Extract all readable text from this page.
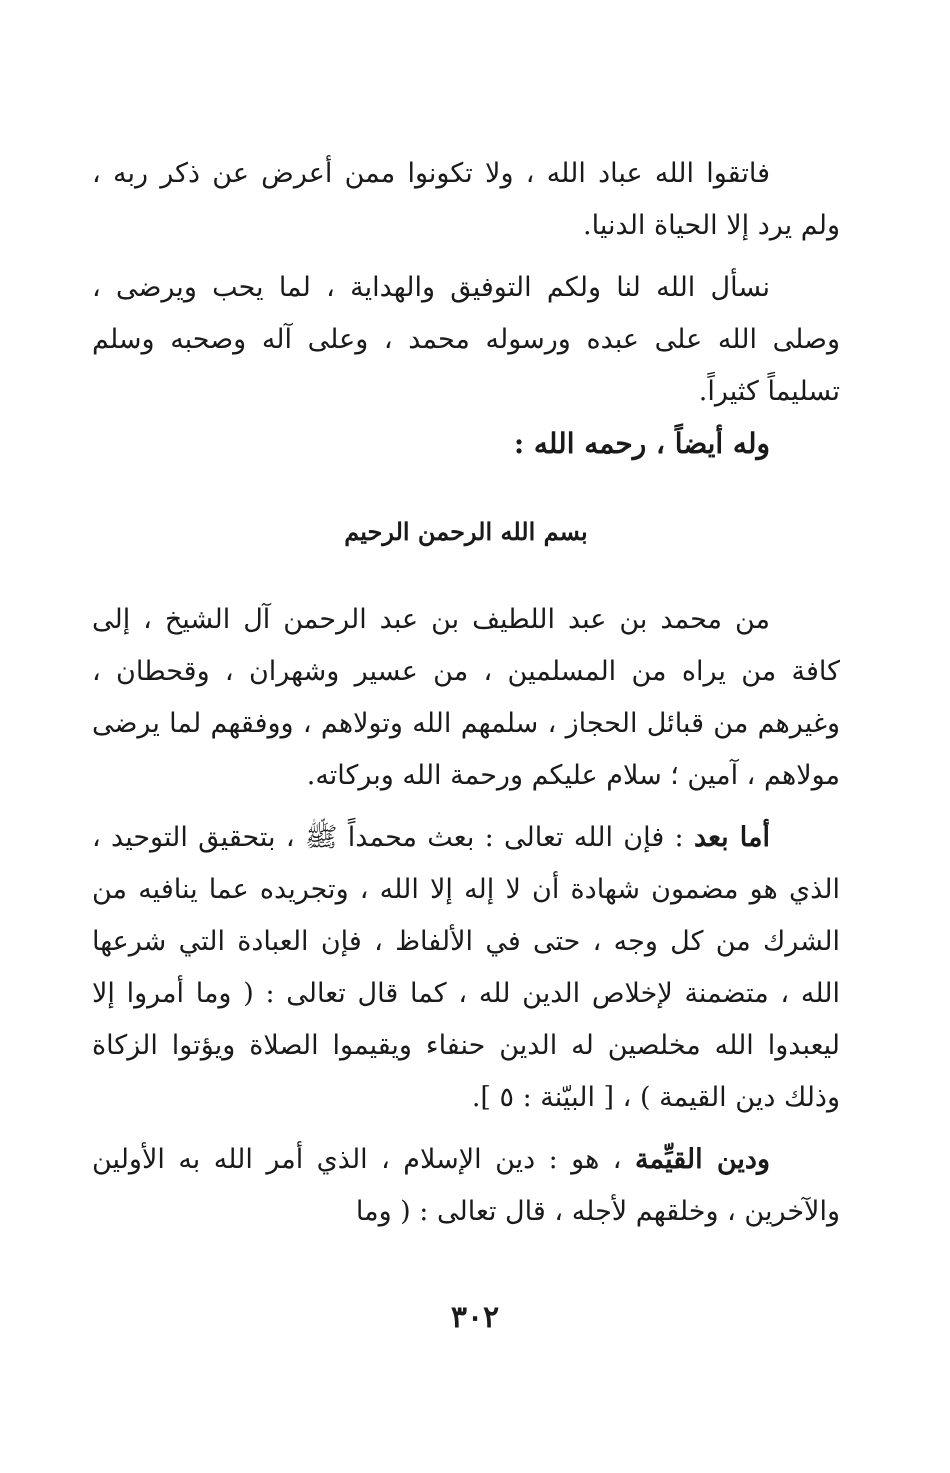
فاتقوا الله عباد الله ، ولا تكونوا ممن أعرض عن ذكر ربه ، ولم يرد إلا الحياة الدنيا.

نسأل الله لنا ولكم التوفيق والهداية ، لما يحب ويرضى ، وصلى الله على عبده ورسوله محمد ، وعلى آله وصحبه وسلم تسليماً كثيراً.

وله أيضاً ، رحمه الله :

بسم الله الرحمن الرحيم

من محمد بن عبد اللطيف بن عبد الرحمن آل الشيخ ، إلى كافة من يراه من المسلمين ، من عسير وشهران ، وقحطان ، وغيرهم من قبائل الحجاز ، سلمهم الله وتولاهم ، ووفقهم لما يرضى مولاهم ، آمين ؛ سلام عليكم ورحمة الله وبركاته.

أما بعد : فإن الله تعالى : بعث محمداً ﷺ ، بتحقيق التوحيد ، الذي هو مضمون شهادة أن لا إله إلا الله ، وتجريده عما ينافيه من الشرك من كل وجه ، حتى في الألفاظ ، فإن العبادة التي شرعها الله ، متضمنة لإخلاص الدين لله ، كما قال تعالى : ( وما أمروا إلا ليعبدوا الله مخلصين له الدين حنفاء ويقيموا الصلاة ويؤتوا الزكاة وذلك دين القيمة ) ، [ البيّنة : ٥ ].

ودين القيِّمة ، هو : دين الإسلام ، الذي أمر الله به الأولين والآخرين ، وخلقهم لأجله ، قال تعالى : ( وما

٣٠٢
